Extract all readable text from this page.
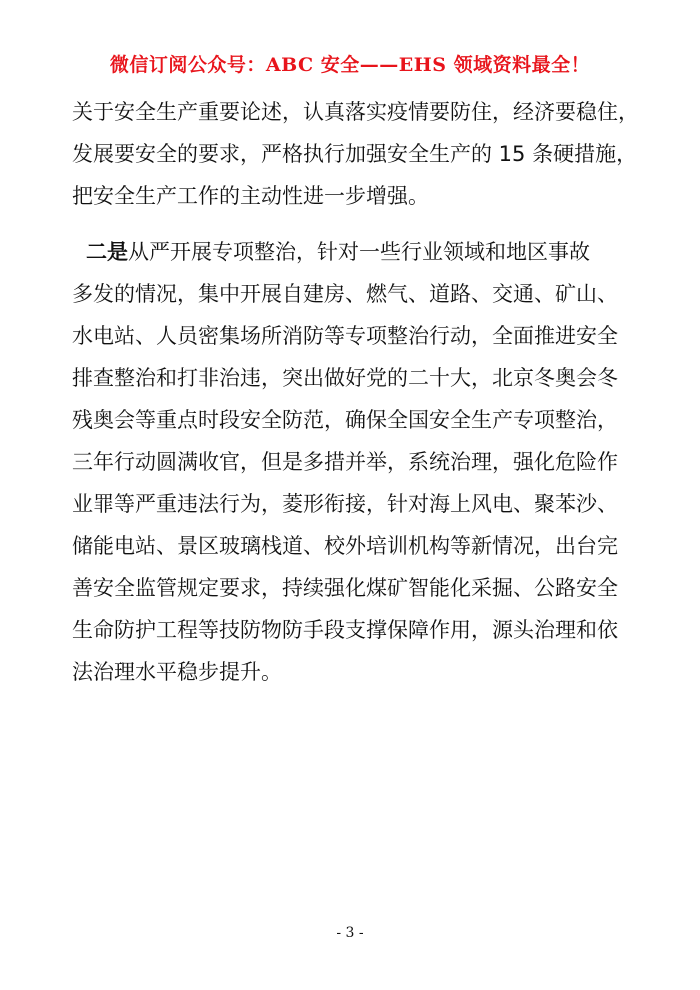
微信订阅公众号：ABC 安全——EHS 领域资料最全！
关于安全生产重要论述，认真落实疫情要防住，经济要稳住，
发展要安全的要求，严格执行加强安全生产的 15 条硬措施，
把安全生产工作的主动性进一步增强。
二是从严开展专项整治，针对一些行业领域和地区事故
多发的情况，集中开展自建房、燃气、道路、交通、矿山、
水电站、人员密集场所消防等专项整治行动，全面推进安全
排查整治和打非治违，突出做好党的二十大，北京冬奥会冬
残奥会等重点时段安全防范，确保全国安全生产专项整治，
三年行动圆满收官，但是多措并举，系统治理，强化危险作
业罪等严重违法行为，菱形衔接，针对海上风电、聚苯沙、
储能电站、景区玻璃栈道、校外培训机构等新情况，出台完
善安全监管规定要求，持续强化煤矿智能化采掘、公路安全
生命防护工程等技防物防手段支撑保障作用，源头治理和依
法治理水平稳步提升。
- 3 -
